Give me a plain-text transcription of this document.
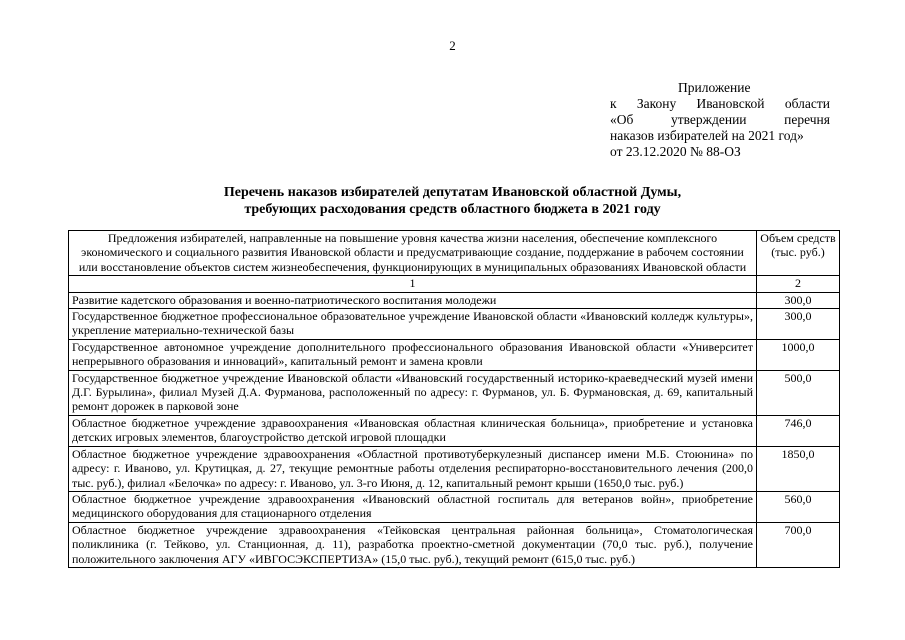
2
Приложение
к Закону Ивановской области
«Об	утверждении	перечня
наказов избирателей на 2021 год»
от 23.12.2020 № 88-ОЗ
Перечень наказов избирателей депутатам Ивановской областной Думы,
требующих расходования средств областного бюджета в 2021 году
Предложения избирателей, направленные на повышение уровня качества жизни населения, обеспечение комплексного экономического и социального развития Ивановской области и предусматривающие создание, поддержание в рабочем состоянии или восстановление объектов систем жизнеобеспечения, функционирующих в муниципальных образованиях Ивановской области	Объем средств (тыс. руб.)
1	2
Развитие кадетского образования и военно-патриотического воспитания молодежи	300,0
Государственное бюджетное профессиональное образовательное учреждение Ивановской области «Ивановский колледж культуры», укрепление материально-технической базы	300,0
Государственное автономное учреждение дополнительного профессионального образования Ивановской области «Университет непрерывного образования и инноваций», капитальный ремонт и замена кровли	1000,0
Государственное бюджетное учреждение Ивановской области «Ивановский государственный историко-краеведческий музей имени Д.Г. Бурылина», филиал Музей Д.А. Фурманова, расположенный по адресу: г. Фурманов, ул. Б. Фурмановская, д. 69, капитальный ремонт дорожек в парковой зоне	500,0
Областное бюджетное учреждение здравоохранения «Ивановская областная клиническая больница», приобретение и установка детских игровых элементов, благоустройство детской игровой площадки	746,0
Областное бюджетное учреждение здравоохранения «Областной противотуберкулезный диспансер имени М.Б. Стоюнина» по адресу: г. Иваново, ул. Крутицкая, д. 27, текущие ремонтные работы отделения респираторно-восстановительного лечения (200,0 тыс. руб.), филиал «Белочка» по адресу: г. Иваново, ул. 3-го Июня, д. 12, капитальный ремонт крыши (1650,0 тыс. руб.)	1850,0
Областное бюджетное учреждение здравоохранения «Ивановский областной госпиталь для ветеранов войн», приобретение медицинского оборудования для стационарного отделения	560,0
Областное бюджетное учреждение здравоохранения «Тейковская центральная районная больница», Стоматологическая поликлиника (г. Тейково, ул. Станционная, д. 11), разработка проектно-сметной документации (70,0 тыс. руб.), получение положительного заключения АГУ «ИВГОСЭКСПЕРТИЗА» (15,0 тыс. руб.), текущий ремонт (615,0 тыс. руб.)	700,0
